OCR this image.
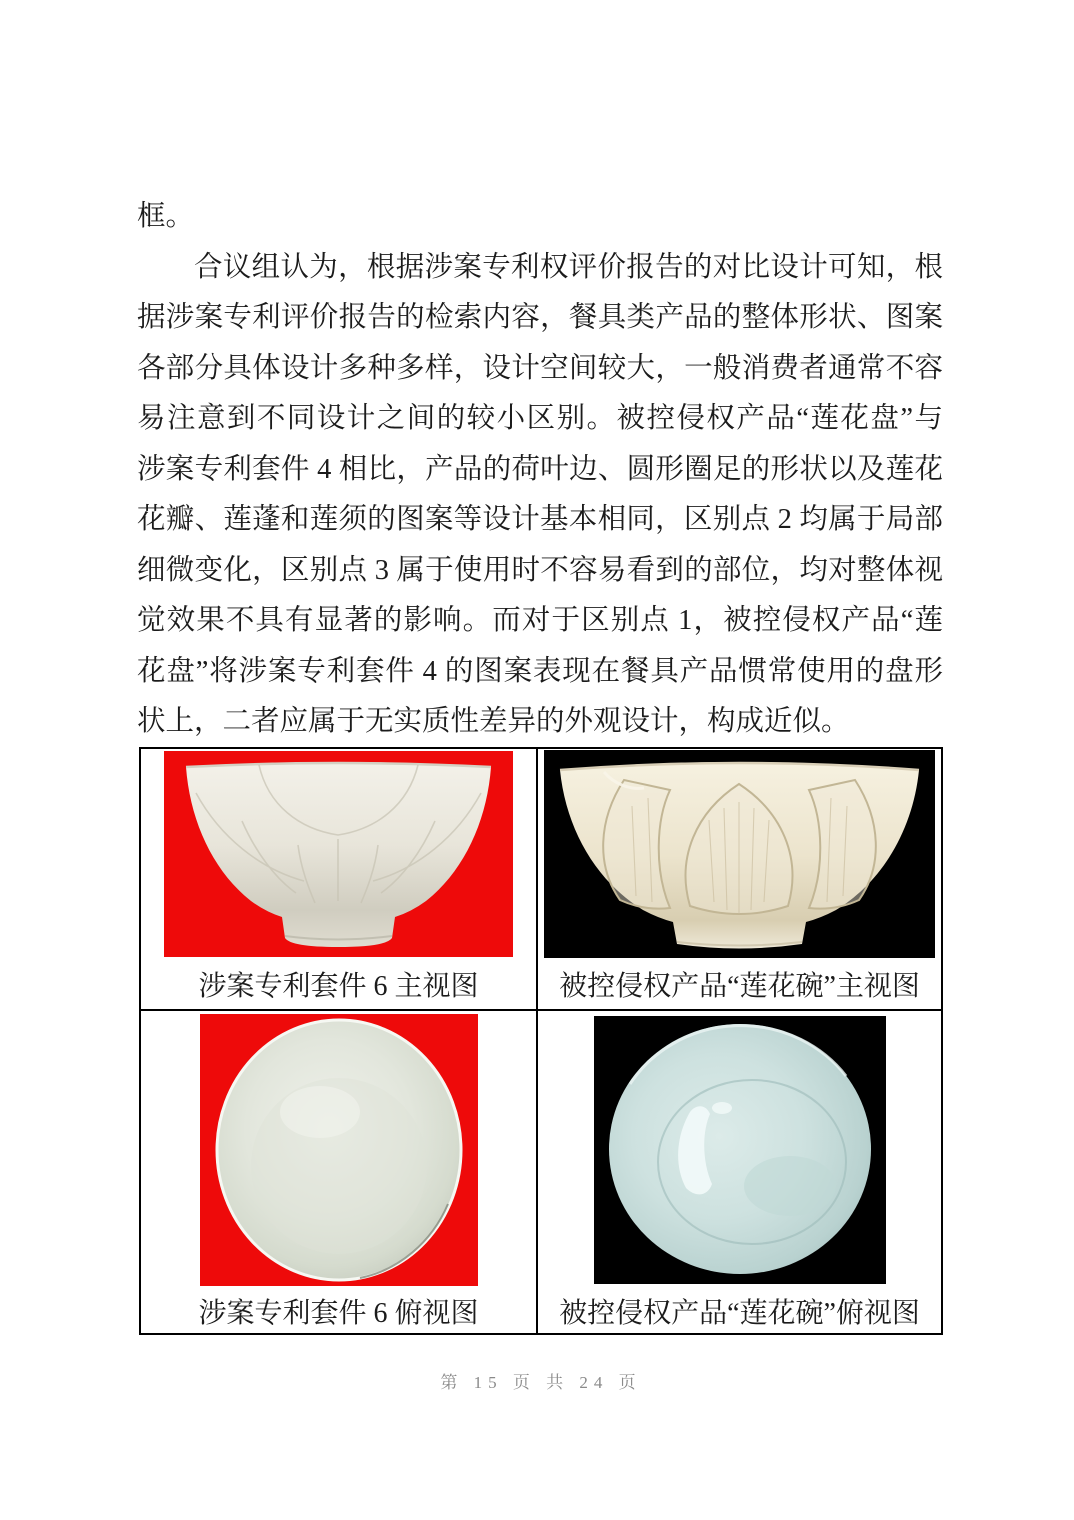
框。
合议组认为，根据涉案专利权评价报告的对比设计可知，根
据涉案专利评价报告的检索内容，餐具类产品的整体形状、图案
各部分具体设计多种多样，设计空间较大，一般消费者通常不容
易注意到不同设计之间的较小区别。被控侵权产品“莲花盘”与
涉案专利套件 4 相比，产品的荷叶边、圆形圈足的形状以及莲花
花瓣、莲蓬和莲须的图案等设计基本相同，区别点 2 均属于局部
细微变化，区别点 3 属于使用时不容易看到的部位，均对整体视
觉效果不具有显著的影响。而对于区别点 1，被控侵权产品“莲
花盘”将涉案专利套件 4 的图案表现在餐具产品惯常使用的盘形
状上，二者应属于无实质性差异的外观设计，构成近似。
涉案专利套件 6 主视图	被控侵权产品“莲花碗”主视图
涉案专利套件 6 俯视图	被控侵权产品“莲花碗”俯视图
第 15 页 共 24 页
